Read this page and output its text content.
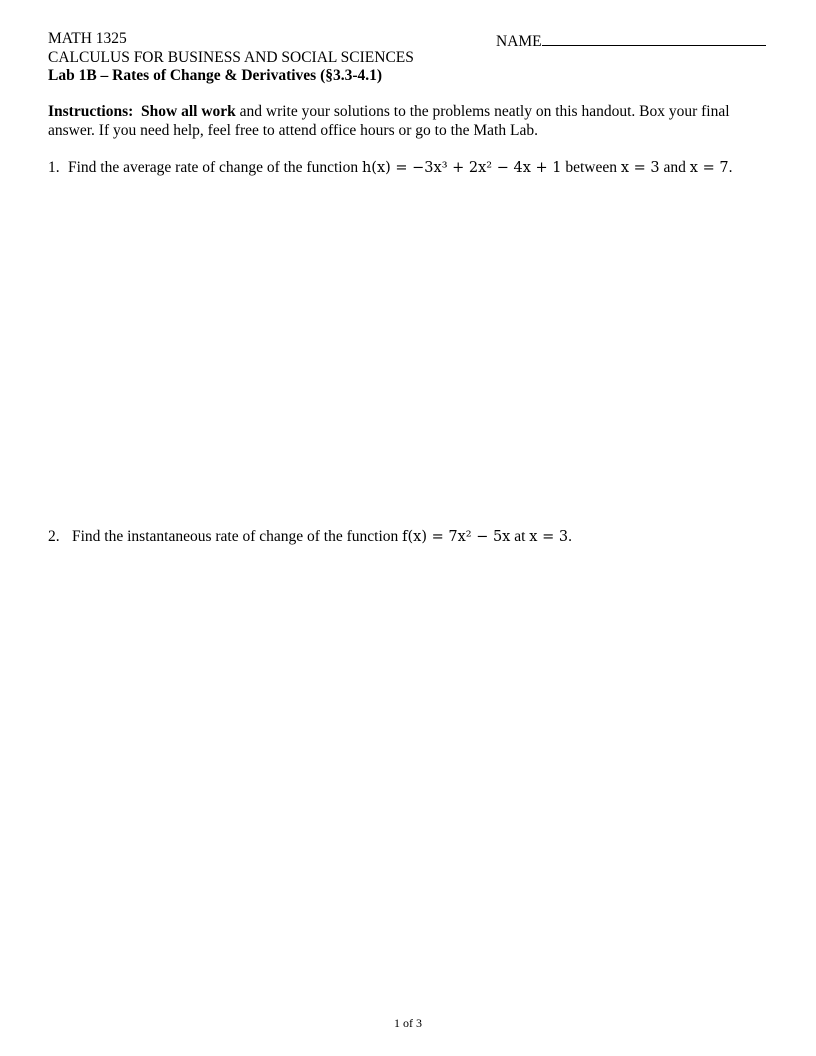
MATH 1325
CALCULUS FOR BUSINESS AND SOCIAL SCIENCES
Lab 1B – Rates of Change & Derivatives (§3.3-4.1)
NAME
Instructions: Show all work and write your solutions to the problems neatly on this handout. Box your final answer. If you need help, feel free to attend office hours or go to the Math Lab.
1. Find the average rate of change of the function h(x) = −3x³ + 2x² − 4x + 1 between x = 3 and x = 7.
2. Find the instantaneous rate of change of the function f(x) = 7x² − 5x at x = 3.
1 of 3
